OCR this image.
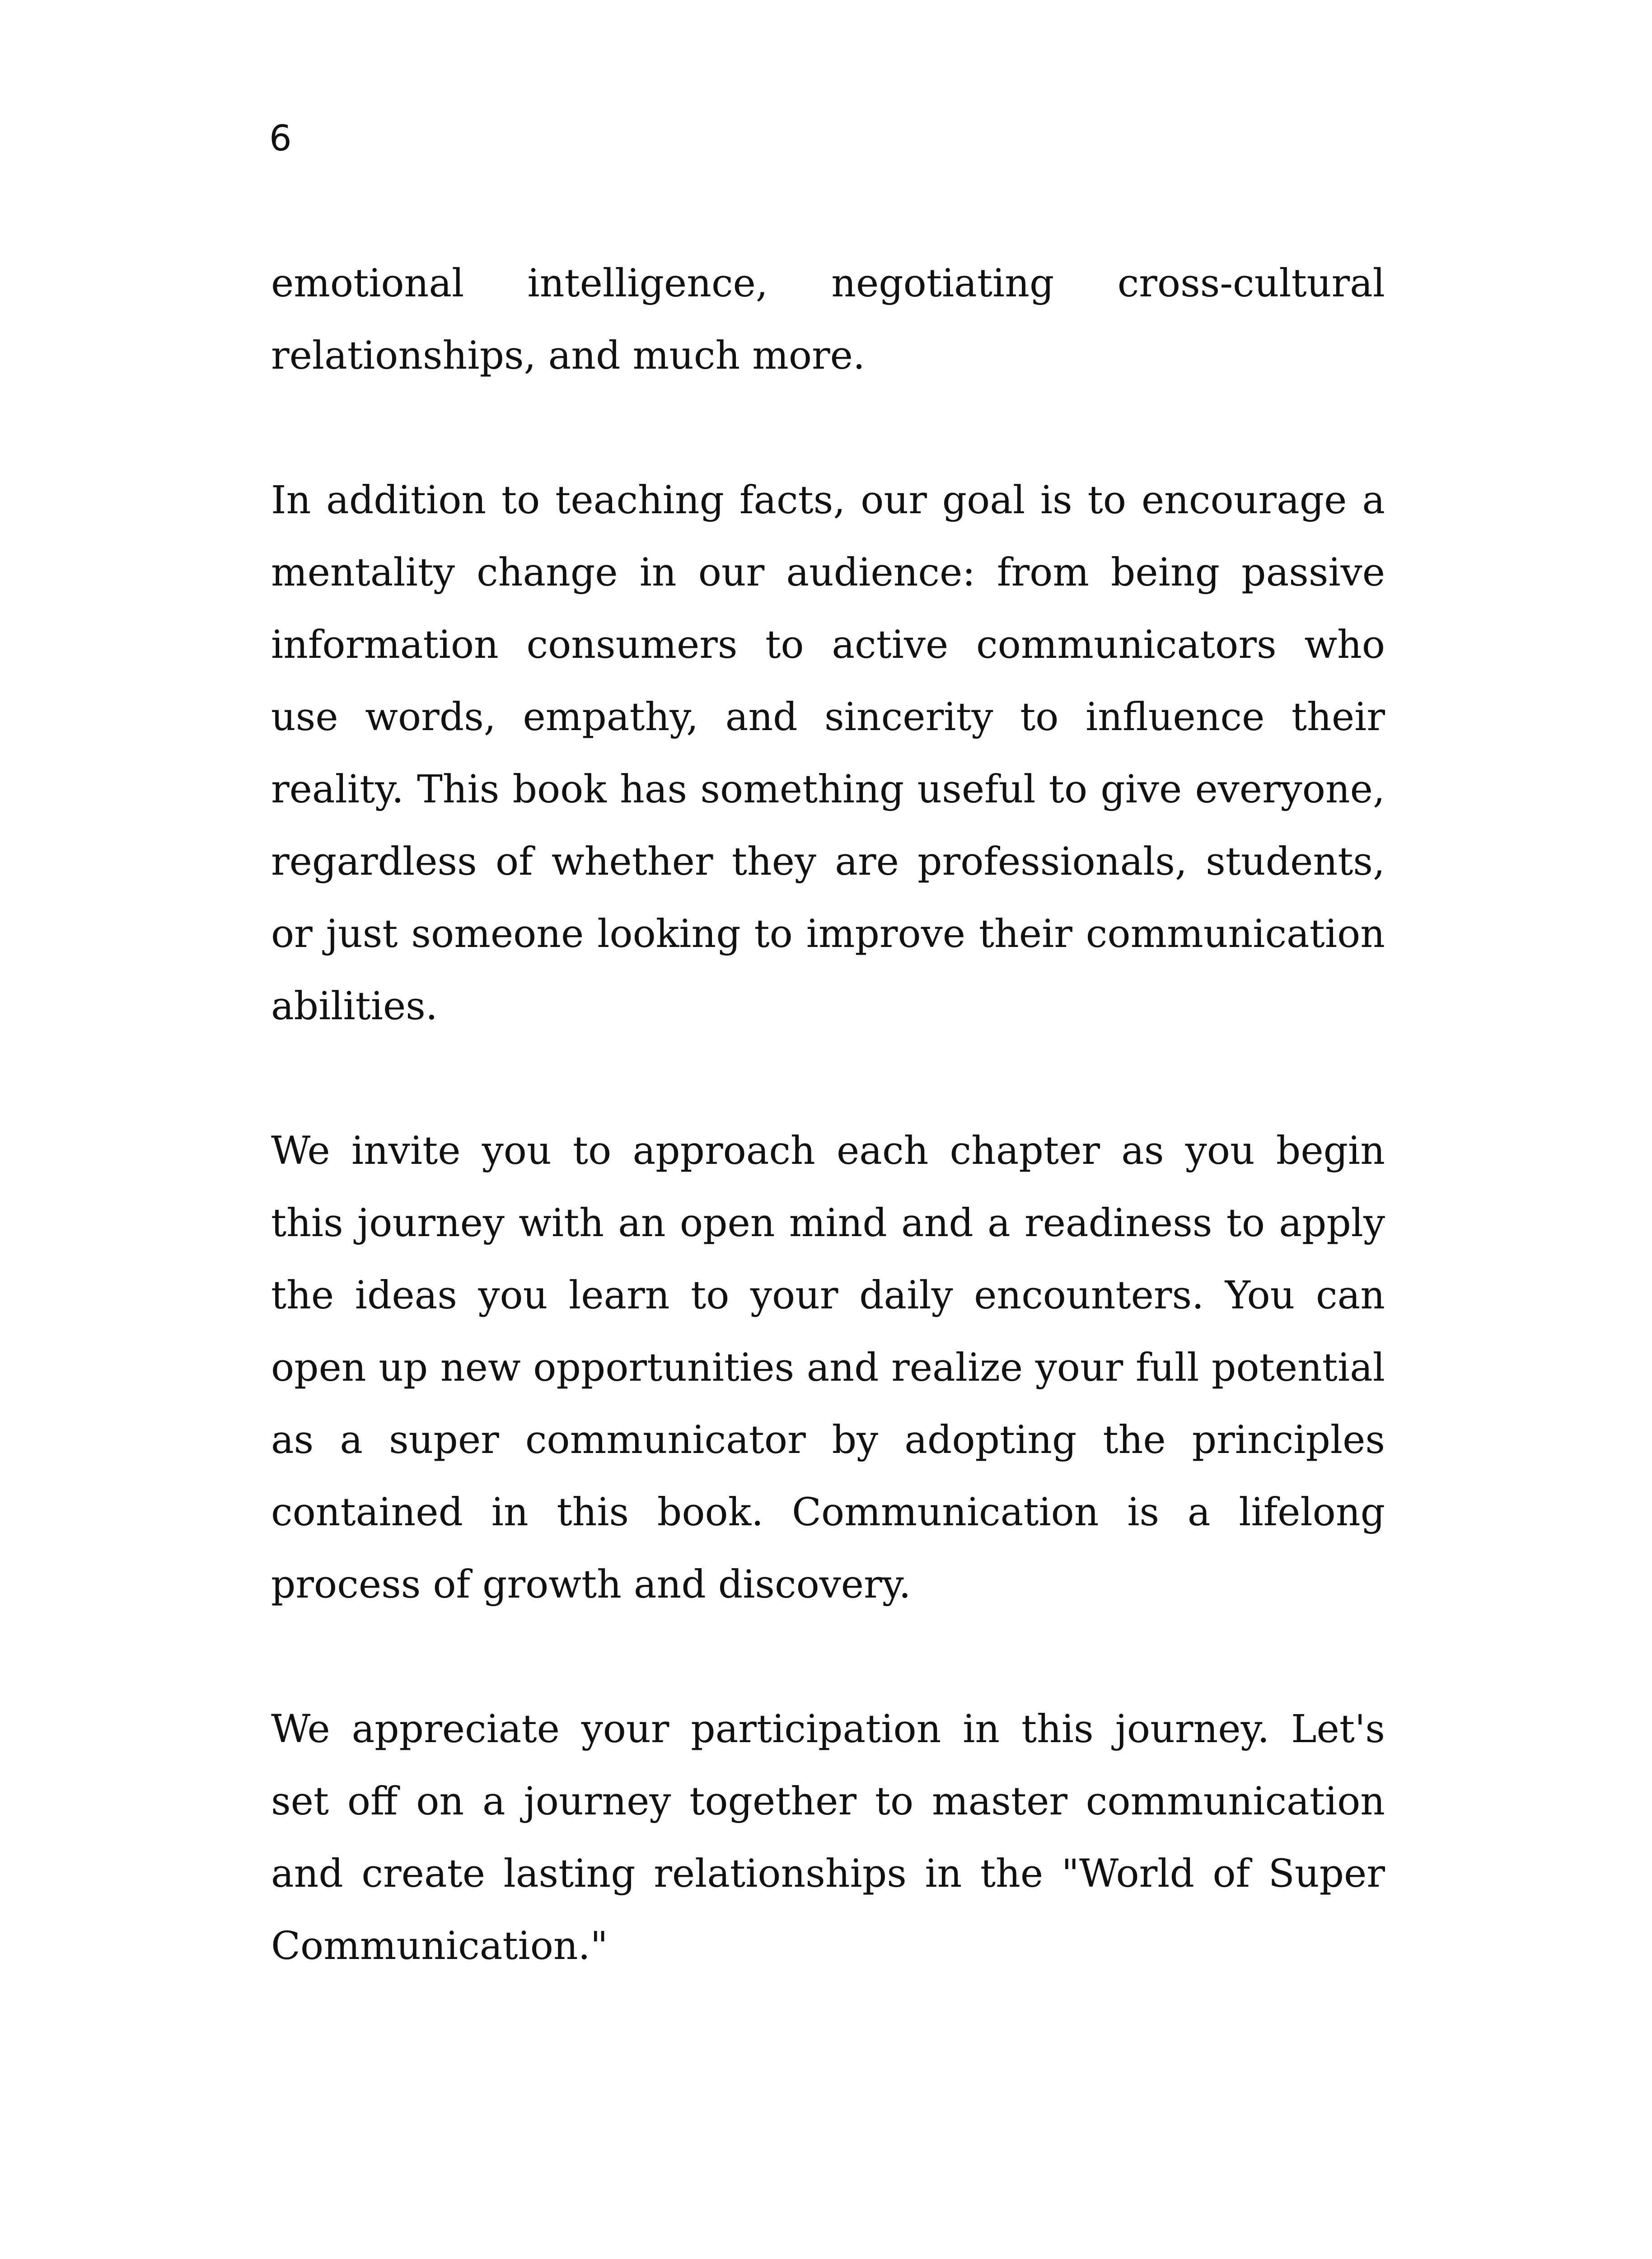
6

emotional intelligence, negotiating cross-cultural relationships, and much more.

In addition to teaching facts, our goal is to encourage a mentality change in our audience: from being passive information consumers to active communicators who use words, empathy, and sincerity to influence their reality. This book has something useful to give everyone, regardless of whether they are professionals, students, or just someone looking to improve their communication abilities.

We invite you to approach each chapter as you begin this journey with an open mind and a readiness to apply the ideas you learn to your daily encounters. You can open up new opportunities and realize your full potential as a super communicator by adopting the principles contained in this book. Communication is a lifelong process of growth and discovery.

We appreciate your participation in this journey. Let's set off on a journey together to master communication and create lasting relationships in the "World of Super Communication."
